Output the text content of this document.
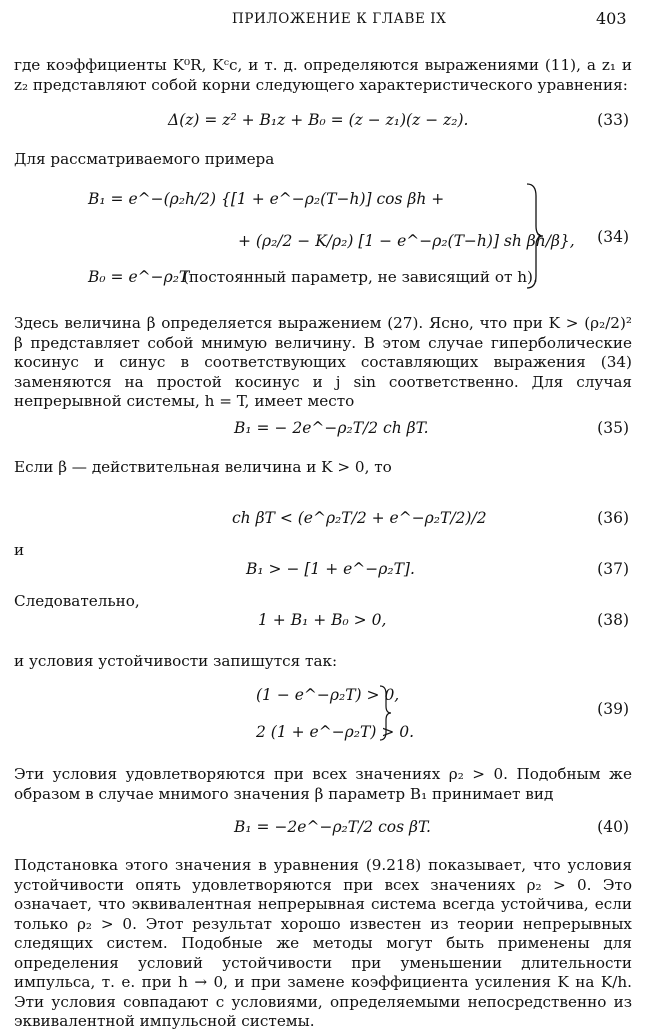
ПРИЛОЖЕНИЕ К ГЛАВЕ IX	403
где коэффициенты K⁰R, Kᶜc, и т. д. определяются выражениями (11), а z₁ и z₂ представляют собой корни следующего характеристического уравнения:
Δ(z) = z² + B₁z + B₀ = (z − z₁)(z − z₂).	(33)
Для рассматриваемого примера
B₁ = e^−(ρ₂h/2) {[1 + e^−ρ₂(T−h)] cos βh +
+ (ρ₂/2 − K/ρ₂) [1 − e^−ρ₂(T−h)] sh βh/β},
B₀ = e^−ρ₂T
(постоянный параметр, не зависящий от h).
(34)
Здесь величина β определяется выражением (27). Ясно, что при K > (ρ₂/2)² β представляет собой мнимую величину. В этом случае гиперболические косинус и синус в соответствующих составляющих выражения (34) заменяются на простой косинус и j sin соответственно. Для случая непрерывной системы, h = T, имеет место
B₁ = − 2e^−ρ₂T/2 ch βT.	(35)
Если β — действительная величина и K > 0, то
ch βT < (e^ρ₂T/2 + e^−ρ₂T/2)/2	(36)
и
B₁ > − [1 + e^−ρ₂T].	(37)
Следовательно,
1 + B₁ + B₀ > 0,	(38)
и условия устойчивости запишутся так:
(1 − e^−ρ₂T) > 0,
2 (1 + e^−ρ₂T) > 0.
(39)
Эти условия удовлетворяются при всех значениях ρ₂ > 0. Подобным же образом в случае мнимого значения β параметр B₁ принимает вид
B₁ = −2e^−ρ₂T/2 cos βT.	(40)
Подстановка этого значения в уравнения (9.218) показывает, что условия устойчивости опять удовлетворяются при всех значениях ρ₂ > 0. Это означает, что эквивалентная непрерывная система всегда устойчива, если только ρ₂ > 0. Этот результат хорошо известен из теории непрерывных следящих систем. Подобные же методы могут быть применены для определения условий устойчивости при уменьшении длительности импульса, т. е. при h → 0, и при замене коэффициента усиления K на K/h. Эти условия совпадают с условиями, определяемыми непосредственно из эквивалентной импульсной системы.
